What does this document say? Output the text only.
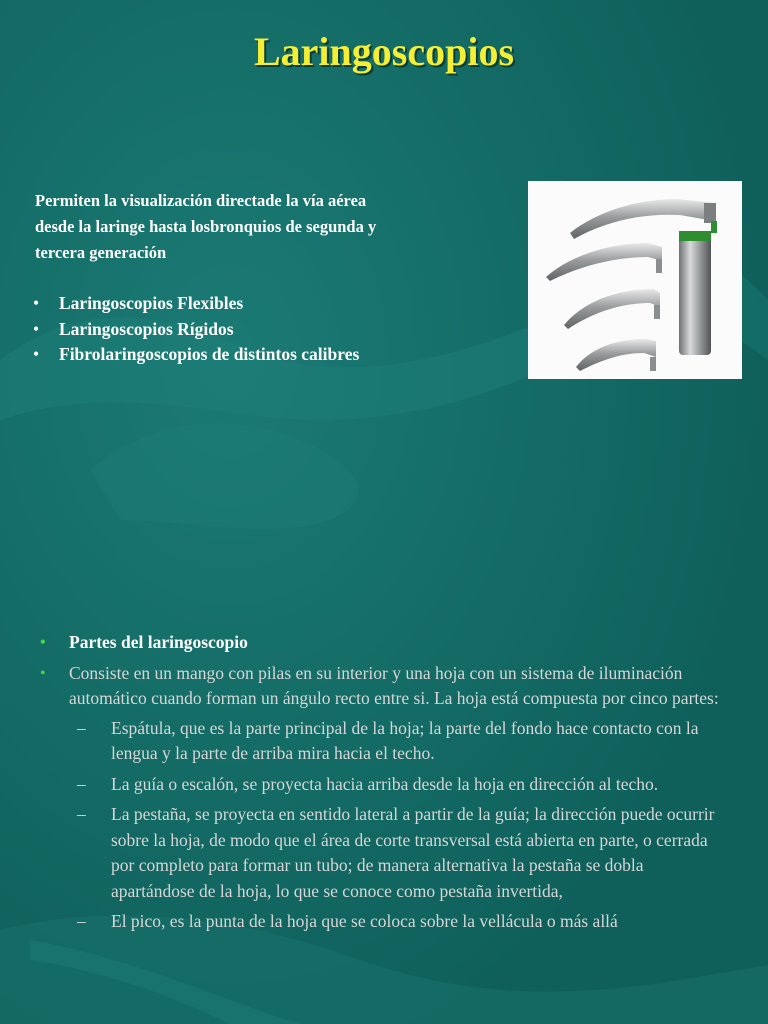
Laringoscopios
Permiten la visualización directade la vía aérea
desde la laringe hasta losbronquios de segunda y
tercera generación
• Laringoscopios Flexibles
• Laringoscopios Rígidos
• Fibrolaringoscopios de distintos calibres
• Partes del laringoscopio
• Consiste en un mango con pilas en su interior y una hoja con un sistema de iluminación automático cuando forman un ángulo recto entre si. La hoja está compuesta por cinco partes:
– Espátula, que es la parte principal de la hoja; la parte del fondo hace contacto con la lengua y la parte de arriba mira hacia el techo.
– La guía o escalón, se proyecta hacia arriba desde la hoja en dirección al techo.
– La pestaña, se proyecta en sentido lateral a partir de la guía; la dirección puede ocurrir sobre la hoja, de modo que el área de corte transversal está abierta en parte, o cerrada por completo para formar un tubo; de manera alternativa la pestaña se dobla apartándose de la hoja, lo que se conoce como pestaña invertida,
– El pico, es la punta de la hoja que se coloca sobre la vellácula o más allá
